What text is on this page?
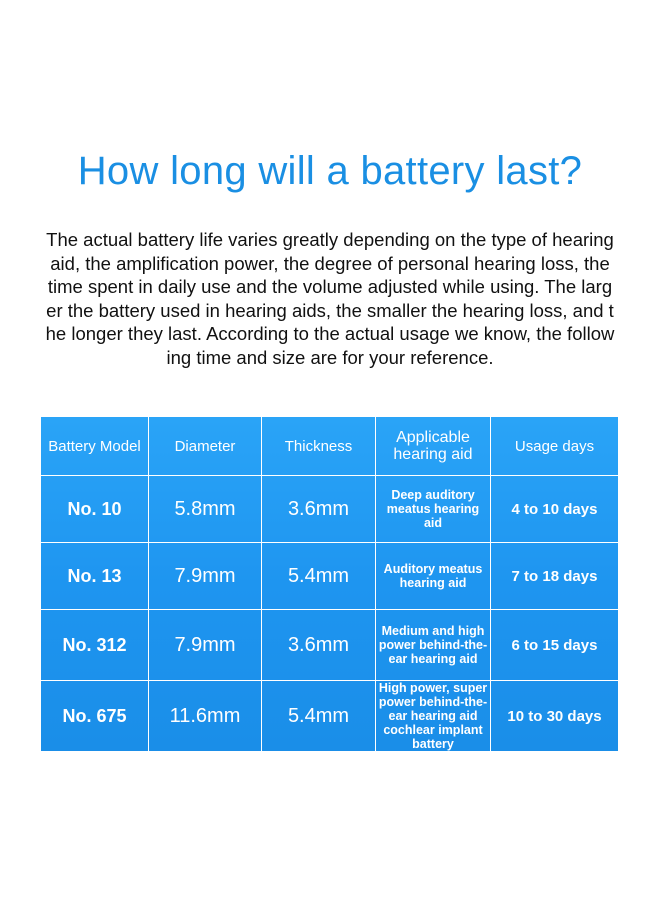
How long will a battery last?
The actual battery life varies greatly depending on the type of hearing
aid, the amplification power, the degree of personal hearing loss, the
time spent in daily use and the volume adjusted while using. The larg
er the battery used in hearing aids, the smaller the hearing loss, and t
he longer they last. According to the actual usage we know, the follow
ing time and size are for your reference.
Battery Model	Diameter	Thickness	Applicable hearing aid	Usage days
No. 10	5.8mm	3.6mm	Deep auditory meatus hearing aid	4 to 10 days
No. 13	7.9mm	5.4mm	Auditory meatus hearing aid	7 to 18 days
No. 312	7.9mm	3.6mm	Medium and high power behind-the-ear hearing aid	6 to 15 days
No. 675	11.6mm	5.4mm	High power, super power behind-the-ear hearing aid cochlear implant battery	10 to 30 days
